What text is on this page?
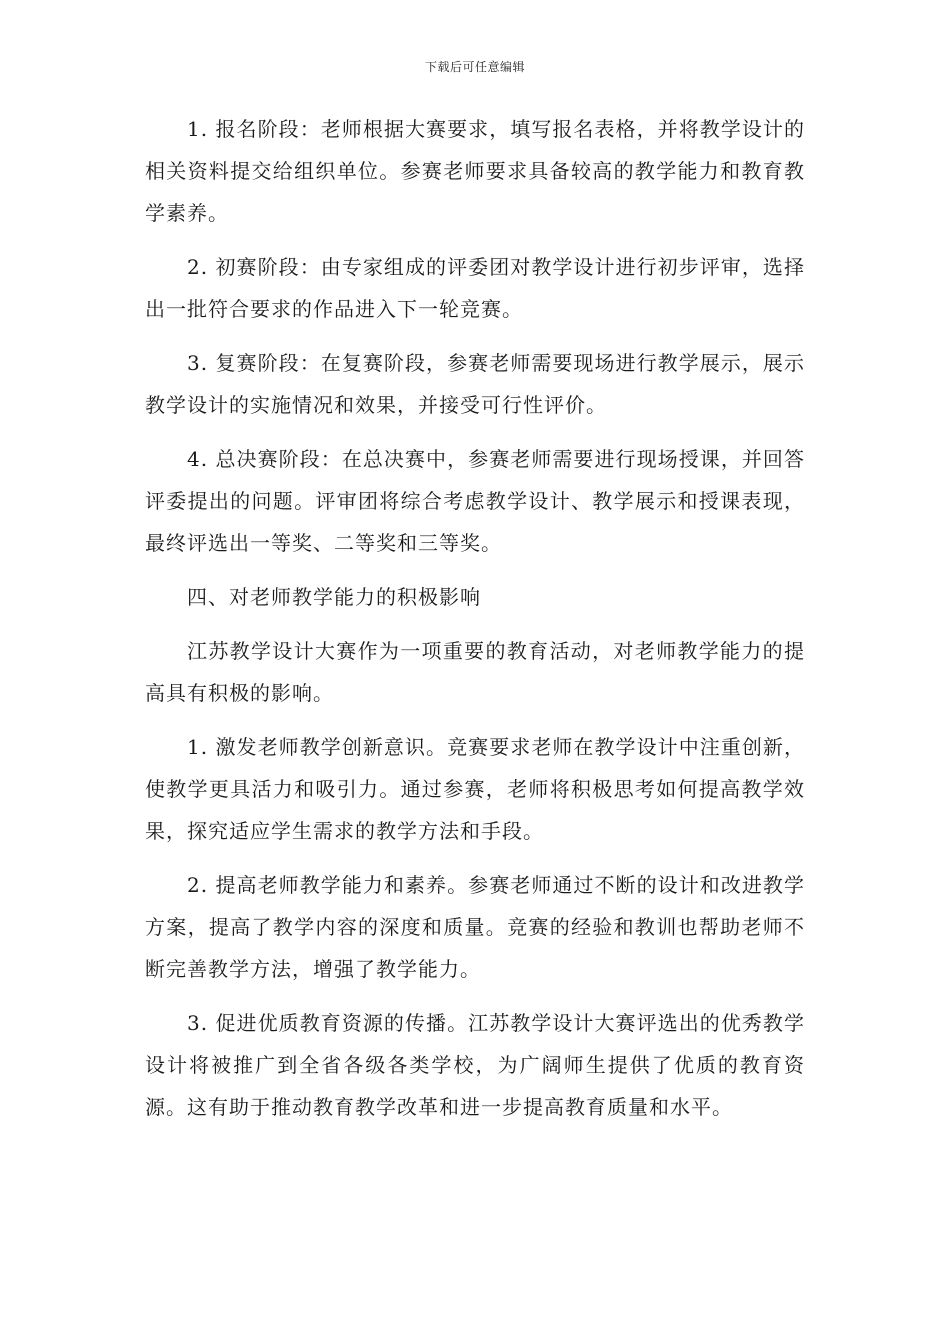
下载后可任意编辑

1. 报名阶段：老师根据大赛要求，填写报名表格，并将教学设计的相关资料提交给组织单位。参赛老师要求具备较高的教学能力和教育教学素养。

2. 初赛阶段：由专家组成的评委团对教学设计进行初步评审，选择出一批符合要求的作品进入下一轮竞赛。

3. 复赛阶段：在复赛阶段，参赛老师需要现场进行教学展示，展示教学设计的实施情况和效果，并接受可行性评价。

4. 总决赛阶段：在总决赛中，参赛老师需要进行现场授课，并回答评委提出的问题。评审团将综合考虑教学设计、教学展示和授课表现，最终评选出一等奖、二等奖和三等奖。

四、对老师教学能力的积极影响

江苏教学设计大赛作为一项重要的教育活动，对老师教学能力的提高具有积极的影响。

1. 激发老师教学创新意识。竞赛要求老师在教学设计中注重创新，使教学更具活力和吸引力。通过参赛，老师将积极思考如何提高教学效果，探究适应学生需求的教学方法和手段。

2. 提高老师教学能力和素养。参赛老师通过不断的设计和改进教学方案，提高了教学内容的深度和质量。竞赛的经验和教训也帮助老师不断完善教学方法，增强了教学能力。

3. 促进优质教育资源的传播。江苏教学设计大赛评选出的优秀教学设计将被推广到全省各级各类学校，为广阔师生提供了优质的教育资源。这有助于推动教育教学改革和进一步提高教育质量和水平。
